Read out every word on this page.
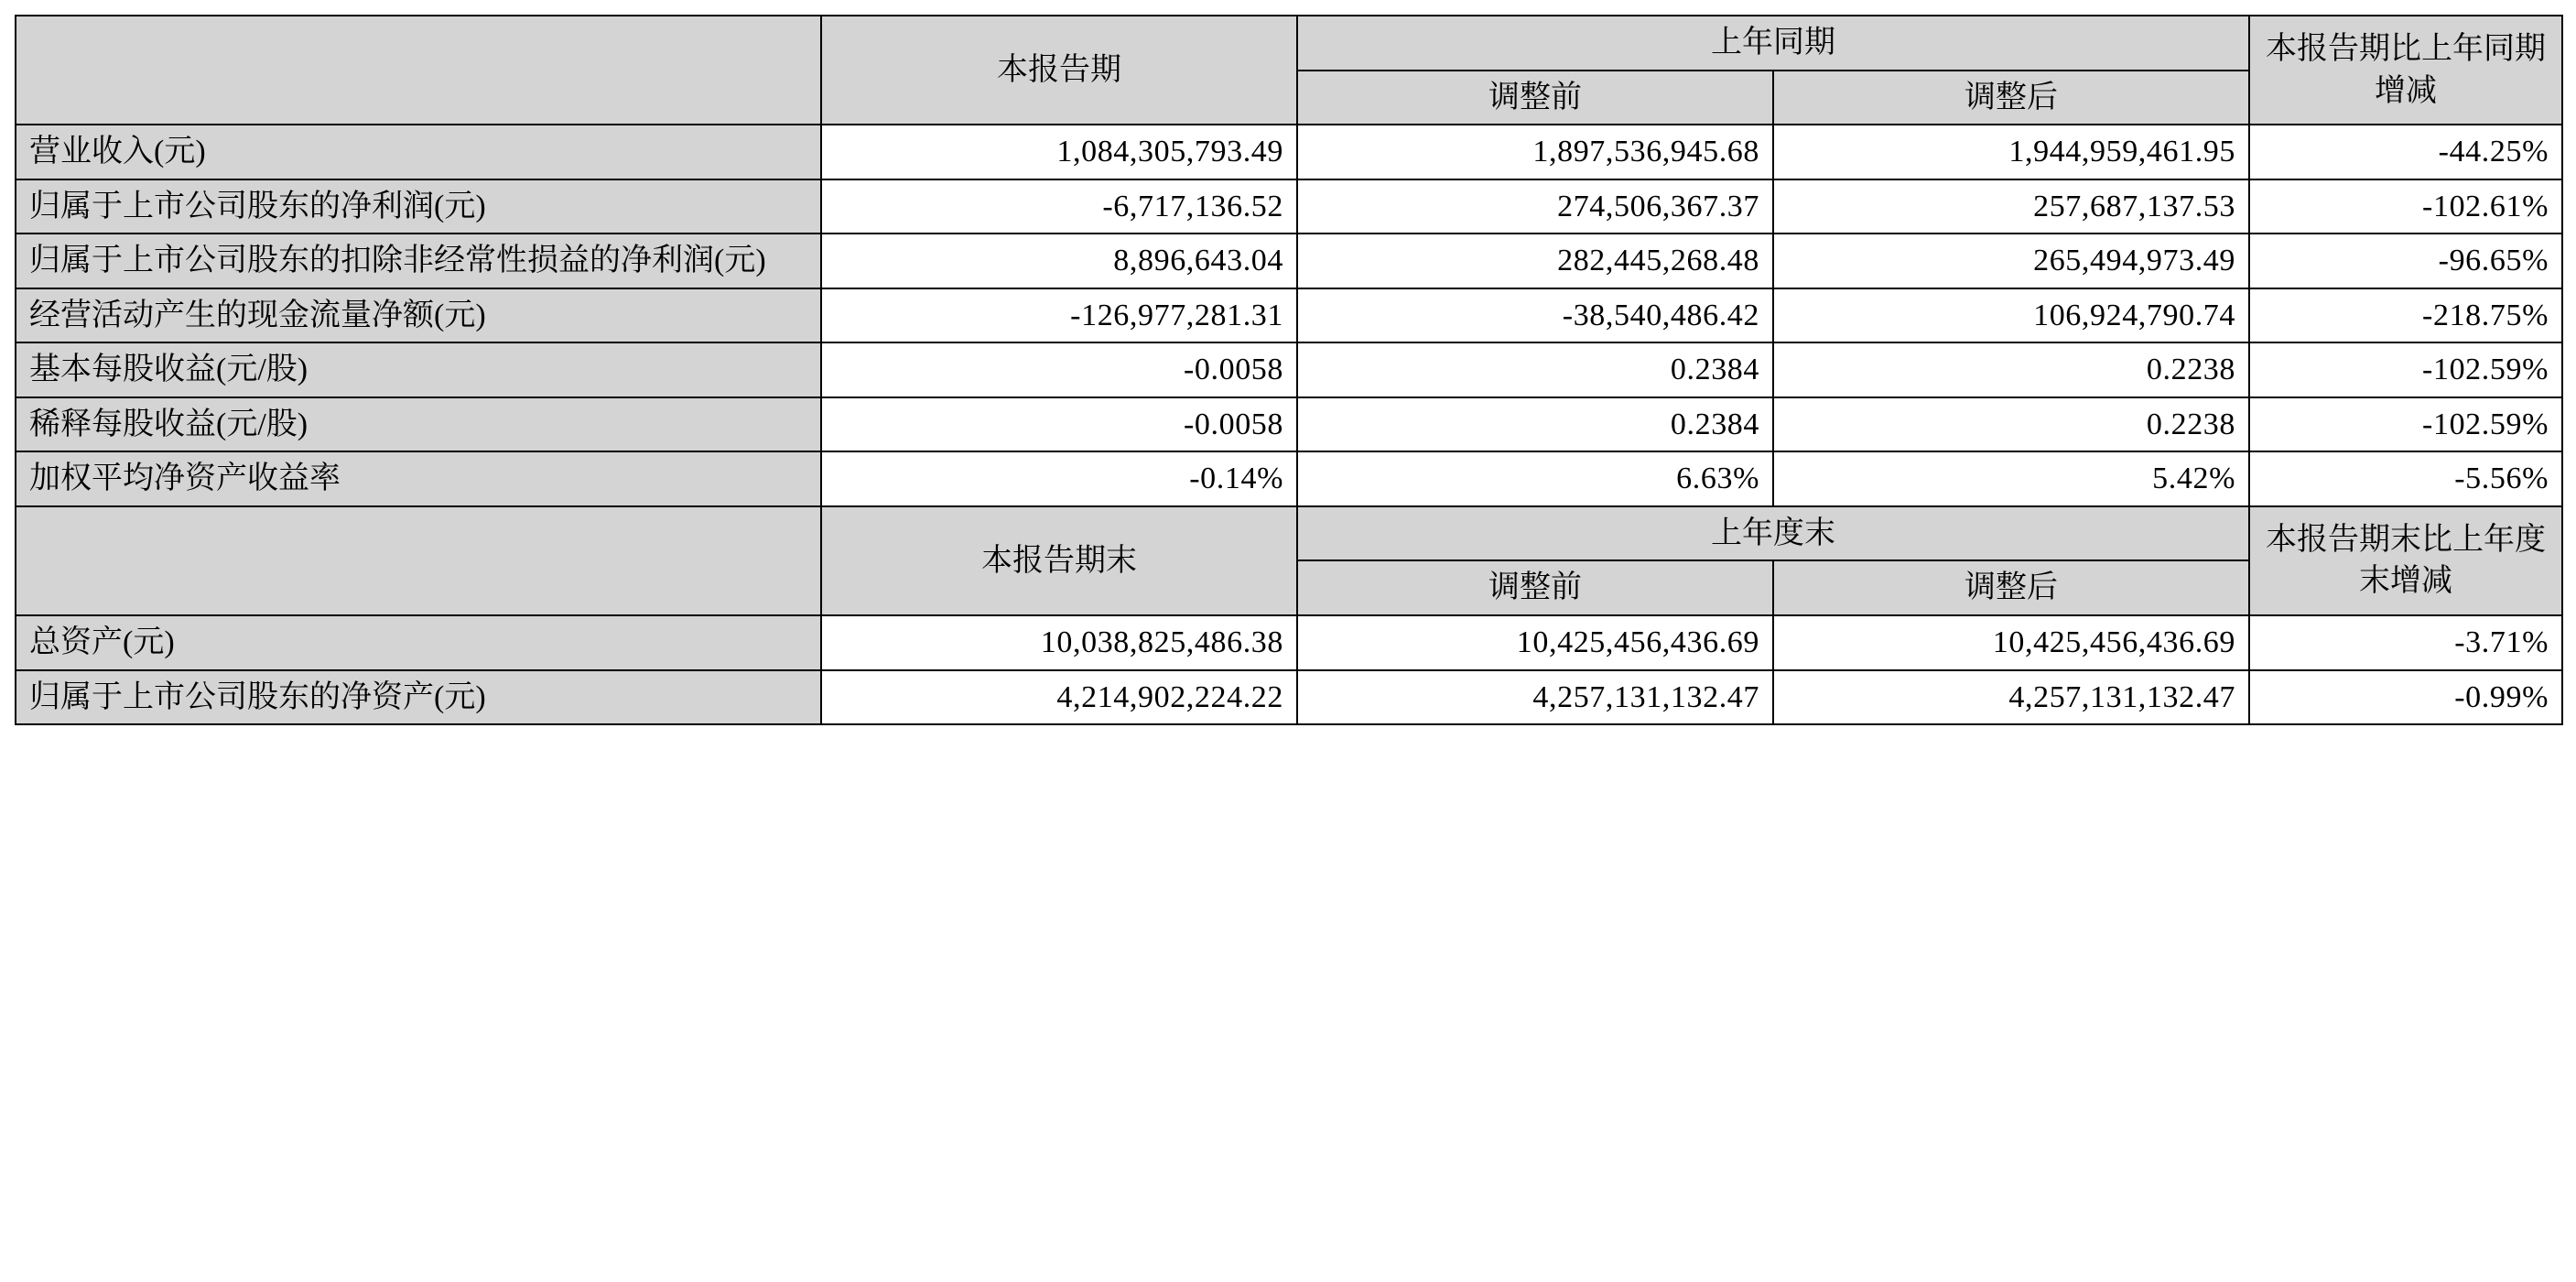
	本报告期	上年同期		本报告期比上年同期增减
		调整前	调整后	
营业收入(元)	1,084,305,793.49	1,897,536,945.68	1,944,959,461.95	-44.25%
归属于上市公司股东的净利润(元)	-6,717,136.52	274,506,367.37	257,687,137.53	-102.61%
归属于上市公司股东的扣除非经常性损益的净利润(元)	8,896,643.04	282,445,268.48	265,494,973.49	-96.65%
经营活动产生的现金流量净额(元)	-126,977,281.31	-38,540,486.42	106,924,790.74	-218.75%
基本每股收益(元/股)	-0.0058	0.2384	0.2238	-102.59%
稀释每股收益(元/股)	-0.0058	0.2384	0.2238	-102.59%
加权平均净资产收益率	-0.14%	6.63%	5.42%	-5.56%
	本报告期末	上年度末		本报告期末比上年度末增减
		调整前	调整后	
总资产(元)	10,038,825,486.38	10,425,456,436.69	10,425,456,436.69	-3.71%
归属于上市公司股东的净资产(元)	4,214,902,224.22	4,257,131,132.47	4,257,131,132.47	-0.99%
